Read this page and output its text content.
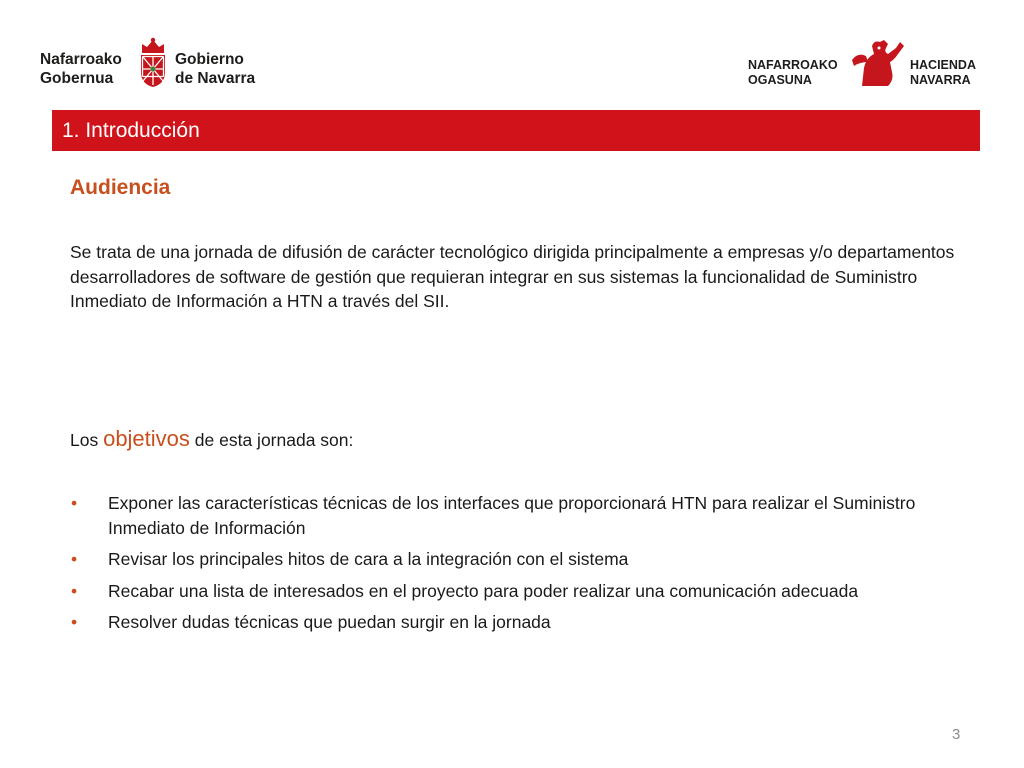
Nafarroako
Gobernua
Gobierno
de Navarra
NAFARROAKO
OGASUNA
HACIENDA
NAVARRA
1. Introducción
Audiencia
Se trata de una jornada de difusión de carácter tecnológico dirigida principalmente a empresas y/o departamentos desarrolladores de software de gestión que requieran integrar en sus sistemas la funcionalidad de Suministro Inmediato de Información a HTN a través del SII.
Los objetivos de esta jornada son:
• Exponer las características técnicas de los interfaces que proporcionará HTN para realizar el Suministro Inmediato de Información
• Revisar los principales hitos de cara a la integración con el sistema
• Recabar una lista de interesados en el proyecto para poder realizar una comunicación adecuada
• Resolver dudas técnicas que puedan surgir en la jornada
3
